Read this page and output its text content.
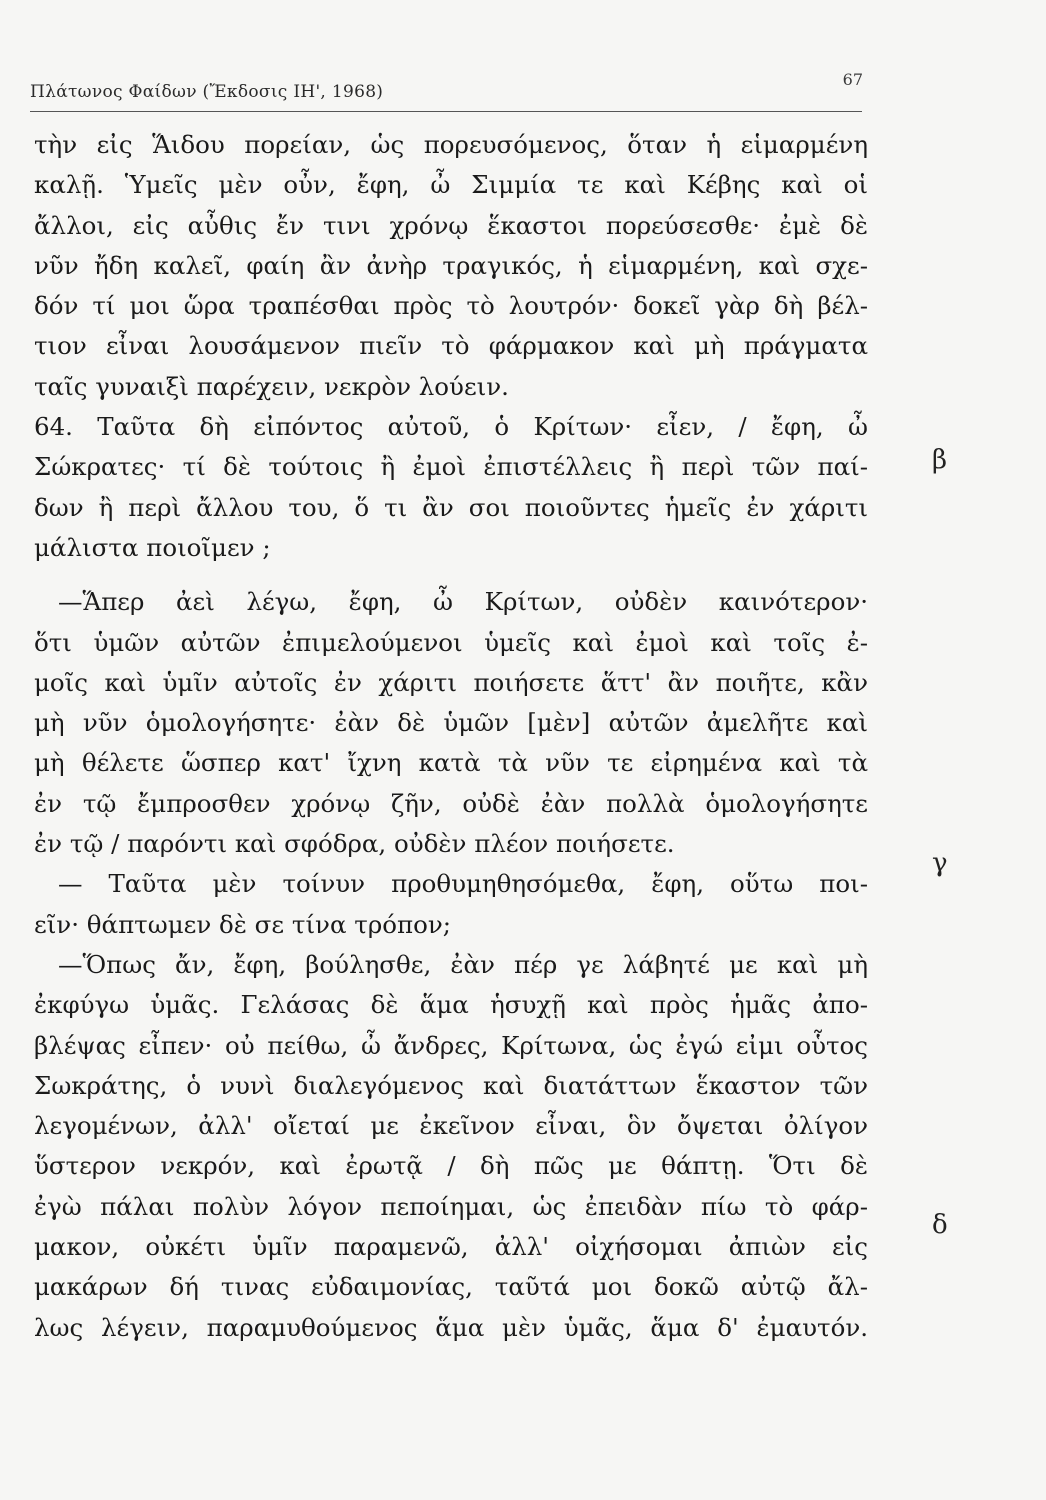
Πλάτωνος Φαίδων (Ἔκδοσις ΙΗ', 1968)
67
τὴν εἰς Ἅιδου πορείαν, ὡς πορευσόμενος, ὅταν ἡ εἱμαρμένη
καλῇ. Ὑμεῖς μὲν οὖν, ἔφη, ὦ Σιμμία τε καὶ Κέβης καὶ οἱ
ἄλλοι, εἰς αὖθις ἔν τινι χρόνῳ ἕκαστοι πορεύσεσθε· ἐμὲ δὲ
νῦν ἤδη καλεῖ, φαίη ἂν ἀνὴρ τραγικός, ἡ εἱμαρμένη, καὶ σχε-
δόν τί μοι ὥρα τραπέσθαι πρὸς τὸ λουτρόν· δοκεῖ γὰρ δὴ βέλ-
τιον εἶναι λουσάμενον πιεῖν τὸ φάρμακον καὶ μὴ πράγματα
ταῖς γυναιξὶ παρέχειν, νεκρὸν λούειν.
64. Ταῦτα δὴ εἰπόντος αὐτοῦ, ὁ Κρίτων· εἶεν, / ἔφη, ὦ
Σώκρατες· τί δὲ τούτοις ἢ ἐμοὶ ἐπιστέλλεις ἢ περὶ τῶν παί-
δων ἢ περὶ ἄλλου του, ὅ τι ἂν σοι ποιοῦντες ἡμεῖς ἐν χάριτι
μάλιστα ποιοῖμεν ;
—Ἅπερ ἀεὶ λέγω, ἔφη, ὦ Κρίτων, οὐδὲν καινότερον·
ὅτι ὑμῶν αὐτῶν ἐπιμελούμενοι ὑμεῖς καὶ ἐμοὶ καὶ τοῖς ἐ-
μοῖς καὶ ὑμῖν αὐτοῖς ἐν χάριτι ποιήσετε ἅττ' ἂν ποιῆτε, κἂν
μὴ νῦν ὁμολογήσητε· ἐὰν δὲ ὑμῶν [μὲν] αὐτῶν ἀμελῆτε καὶ
μὴ θέλετε ὥσπερ κατ' ἴχνη κατὰ τὰ νῦν τε εἰρημένα καὶ τὰ
ἐν τῷ ἔμπροσθεν χρόνῳ ζῆν, οὐδὲ ἐὰν πολλὰ ὁμολογήσητε
ἐν τῷ / παρόντι καὶ σφόδρα, οὐδὲν πλέον ποιήσετε.
— Ταῦτα μὲν τοίνυν προθυμηθησόμεθα, ἔφη, οὕτω ποι-
εῖν· θάπτωμεν δὲ σε τίνα τρόπον;
—Ὅπως ἄν, ἔφη, βούλησθε, ἐὰν πέρ γε λάβητέ με καὶ μὴ
ἐκφύγω ὑμᾶς. Γελάσας δὲ ἅμα ἡσυχῇ καὶ πρὸς ἡμᾶς ἀπο-
βλέψας εἶπεν· οὐ πείθω, ὦ ἄνδρες, Κρίτωνα, ὡς ἐγώ εἰμι οὗτος
Σωκράτης, ὁ νυνὶ διαλεγόμενος καὶ διατάττων ἕκαστον τῶν
λεγομένων, ἀλλ' οἴεταί με ἐκεῖνον εἶναι, ὃν ὄψεται ὀλίγον
ὕστερον νεκρόν, καὶ ἐρωτᾷ / δὴ πῶς με θάπτῃ. Ὅτι δὲ
ἐγὼ πάλαι πολὺν λόγον πεποίημαι, ὡς ἐπειδὰν πίω τὸ φάρ-
μακον, οὐκέτι ὑμῖν παραμενῶ, ἀλλ' οἰχήσομαι ἀπιὼν εἰς
μακάρων δή τινας εὐδαιμονίας, ταῦτά μοι δοκῶ αὐτῷ ἄλ-
λως λέγειν, παραμυθούμενος ἅμα μὲν ὑμᾶς, ἅμα δ' ἐμαυτόν.
β
γ
δ
